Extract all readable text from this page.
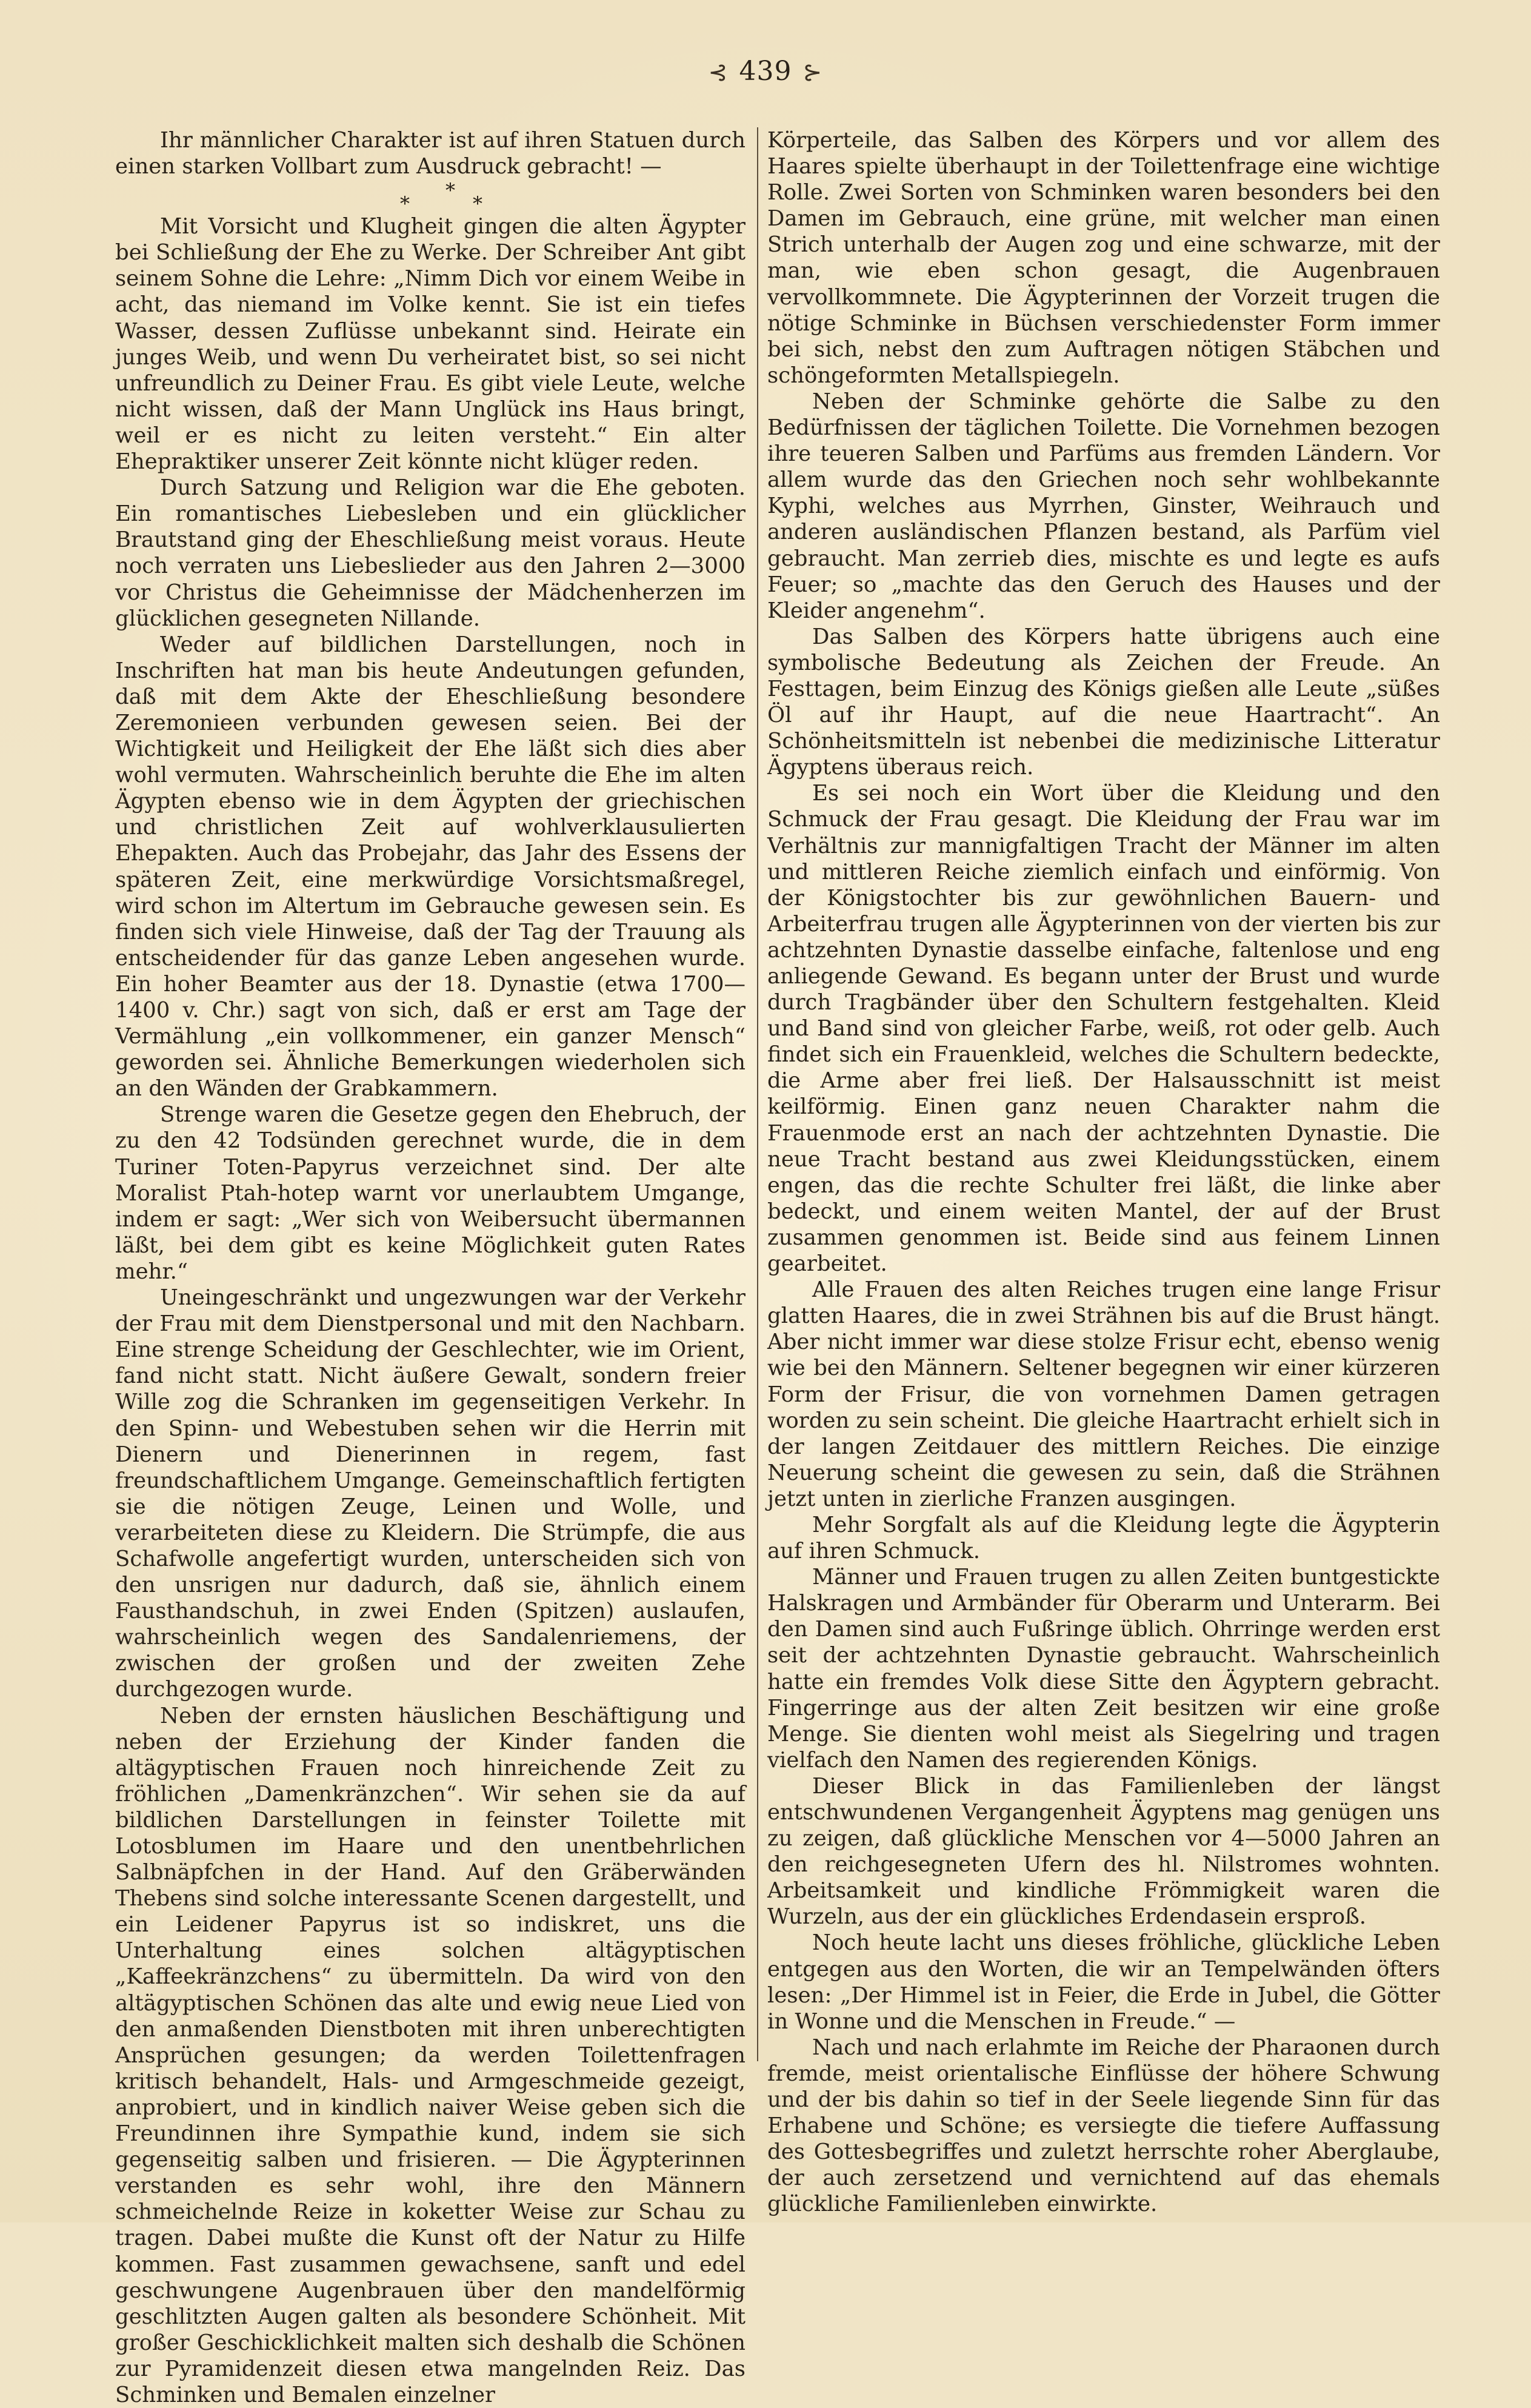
⊰ 439 ⊱

Ihr männlicher Charakter ist auf ihren Statuen durch einen starken Vollbart zum Ausdruck gebracht! —

*
*
*

Mit Vorsicht und Klugheit gingen die alten Ägypter bei Schließung der Ehe zu Werke. Der Schreiber Ant gibt seinem Sohne die Lehre: „Nimm Dich vor einem Weibe in acht, das niemand im Volke kennt. Sie ist ein tiefes Wasser, dessen Zuflüsse unbekannt sind. Heirate ein junges Weib, und wenn Du verheiratet bist, so sei nicht unfreundlich zu Deiner Frau. Es gibt viele Leute, welche nicht wissen, daß der Mann Unglück ins Haus bringt, weil er es nicht zu leiten versteht.“ Ein alter Ehepraktiker unserer Zeit könnte nicht klüger reden.

Durch Satzung und Religion war die Ehe geboten. Ein romantisches Liebesleben und ein glücklicher Brautstand ging der Eheschließung meist voraus. Heute noch verraten uns Liebeslieder aus den Jahren 2—3000 vor Christus die Geheimnisse der Mädchenherzen im glücklichen gesegneten Nillande.

Weder auf bildlichen Darstellungen, noch in Inschriften hat man bis heute Andeutungen gefunden, daß mit dem Akte der Eheschließung besondere Zeremonieen verbunden gewesen seien. Bei der Wichtigkeit und Heiligkeit der Ehe läßt sich dies aber wohl vermuten. Wahrscheinlich beruhte die Ehe im alten Ägypten ebenso wie in dem Ägypten der griechischen und christlichen Zeit auf wohlverklausulierten Ehepakten. Auch das Probejahr, das Jahr des Essens der späteren Zeit, eine merkwürdige Vorsichtsmaßregel, wird schon im Altertum im Gebrauche gewesen sein. Es finden sich viele Hinweise, daß der Tag der Trauung als entscheidender für das ganze Leben angesehen wurde. Ein hoher Beamter aus der 18. Dynastie (etwa 1700—1400 v. Chr.) sagt von sich, daß er erst am Tage der Vermählung „ein vollkommener, ein ganzer Mensch“ geworden sei. Ähnliche Bemerkungen wiederholen sich an den Wänden der Grabkammern.

Strenge waren die Gesetze gegen den Ehebruch, der zu den 42 Todsünden gerechnet wurde, die in dem Turiner Toten-Papyrus verzeichnet sind. Der alte Moralist Ptah-hotep warnt vor unerlaubtem Umgange, indem er sagt: „Wer sich von Weibersucht übermannen läßt, bei dem gibt es keine Möglichkeit guten Rates mehr.“

Uneingeschränkt und ungezwungen war der Verkehr der Frau mit dem Dienstpersonal und mit den Nachbarn. Eine strenge Scheidung der Geschlechter, wie im Orient, fand nicht statt. Nicht äußere Gewalt, sondern freier Wille zog die Schranken im gegenseitigen Verkehr. In den Spinn- und Webestuben sehen wir die Herrin mit Dienern und Dienerinnen in regem, fast freundschaftlichem Umgange. Gemeinschaftlich fertigten sie die nötigen Zeuge, Leinen und Wolle, und verarbeiteten diese zu Kleidern. Die Strümpfe, die aus Schafwolle angefertigt wurden, unterscheiden sich von den unsrigen nur dadurch, daß sie, ähnlich einem Fausthandschuh, in zwei Enden (Spitzen) auslaufen, wahrscheinlich wegen des Sandalenriemens, der zwischen der großen und der zweiten Zehe durchgezogen wurde.

Neben der ernsten häuslichen Beschäftigung und neben der Erziehung der Kinder fanden die altägyptischen Frauen noch hinreichende Zeit zu fröhlichen „Damenkränzchen“. Wir sehen sie da auf bildlichen Darstellungen in feinster Toilette mit Lotosblumen im Haare und den unentbehrlichen Salbnäpfchen in der Hand. Auf den Gräberwänden Thebens sind solche interessante Scenen dargestellt, und ein Leidener Papyrus ist so indiskret, uns die Unterhaltung eines solchen altägyptischen „Kaffeekränzchens“ zu übermitteln. Da wird von den altägyptischen Schönen das alte und ewig neue Lied von den anmaßenden Dienstboten mit ihren unberechtigten Ansprüchen gesungen; da werden Toilettenfragen kritisch behandelt, Hals- und Armgeschmeide gezeigt, anprobiert, und in kindlich naiver Weise geben sich die Freundinnen ihre Sympathie kund, indem sie sich gegenseitig salben und frisieren. — Die Ägypterinnen verstanden es sehr wohl, ihre den Männern schmeichelnde Reize in koketter Weise zur Schau zu tragen. Dabei mußte die Kunst oft der Natur zu Hilfe kommen. Fast zusammen gewachsene, sanft und edel geschwungene Augenbrauen über den mandelförmig geschlitzten Augen galten als besondere Schönheit. Mit großer Geschicklichkeit malten sich deshalb die Schönen zur Pyramidenzeit diesen etwa mangelnden Reiz. Das Schminken und Bemalen einzelner

Körperteile, das Salben des Körpers und vor allem des Haares spielte überhaupt in der Toilettenfrage eine wichtige Rolle. Zwei Sorten von Schminken waren besonders bei den Damen im Gebrauch, eine grüne, mit welcher man einen Strich unterhalb der Augen zog und eine schwarze, mit der man, wie eben schon gesagt, die Augenbrauen vervollkommnete. Die Ägypterinnen der Vorzeit trugen die nötige Schminke in Büchsen verschiedenster Form immer bei sich, nebst den zum Auftragen nötigen Stäbchen und schöngeformten Metallspiegeln.

Neben der Schminke gehörte die Salbe zu den Bedürfnissen der täglichen Toilette. Die Vornehmen bezogen ihre teueren Salben und Parfüms aus fremden Ländern. Vor allem wurde das den Griechen noch sehr wohlbekannte Kyphi, welches aus Myrrhen, Ginster, Weihrauch und anderen ausländischen Pflanzen bestand, als Parfüm viel gebraucht. Man zerrieb dies, mischte es und legte es aufs Feuer; so „machte das den Geruch des Hauses und der Kleider angenehm“.

Das Salben des Körpers hatte übrigens auch eine symbolische Bedeutung als Zeichen der Freude. An Festtagen, beim Einzug des Königs gießen alle Leute „süßes Öl auf ihr Haupt, auf die neue Haartracht“. An Schönheitsmitteln ist nebenbei die medizinische Litteratur Ägyptens überaus reich.

Es sei noch ein Wort über die Kleidung und den Schmuck der Frau gesagt. Die Kleidung der Frau war im Verhältnis zur mannigfaltigen Tracht der Männer im alten und mittleren Reiche ziemlich einfach und einförmig. Von der Königstochter bis zur gewöhnlichen Bauern- und Arbeiterfrau trugen alle Ägypterinnen von der vierten bis zur achtzehnten Dynastie dasselbe einfache, faltenlose und eng anliegende Gewand. Es begann unter der Brust und wurde durch Tragbänder über den Schultern festgehalten. Kleid und Band sind von gleicher Farbe, weiß, rot oder gelb. Auch findet sich ein Frauenkleid, welches die Schultern bedeckte, die Arme aber frei ließ. Der Halsausschnitt ist meist keilförmig. Einen ganz neuen Charakter nahm die Frauenmode erst an nach der achtzehnten Dynastie. Die neue Tracht bestand aus zwei Kleidungsstücken, einem engen, das die rechte Schulter frei läßt, die linke aber bedeckt, und einem weiten Mantel, der auf der Brust zusammen genommen ist. Beide sind aus feinem Linnen gearbeitet.

Alle Frauen des alten Reiches trugen eine lange Frisur glatten Haares, die in zwei Strähnen bis auf die Brust hängt. Aber nicht immer war diese stolze Frisur echt, ebenso wenig wie bei den Männern. Seltener begegnen wir einer kürzeren Form der Frisur, die von vornehmen Damen getragen worden zu sein scheint. Die gleiche Haartracht erhielt sich in der langen Zeitdauer des mittlern Reiches. Die einzige Neuerung scheint die gewesen zu sein, daß die Strähnen jetzt unten in zierliche Franzen ausgingen.

Mehr Sorgfalt als auf die Kleidung legte die Ägypterin auf ihren Schmuck.

Männer und Frauen trugen zu allen Zeiten buntgestickte Halskragen und Armbänder für Oberarm und Unterarm. Bei den Damen sind auch Fußringe üblich. Ohrringe werden erst seit der achtzehnten Dynastie gebraucht. Wahrscheinlich hatte ein fremdes Volk diese Sitte den Ägyptern gebracht. Fingerringe aus der alten Zeit besitzen wir eine große Menge. Sie dienten wohl meist als Siegelring und tragen vielfach den Namen des regierenden Königs.

Dieser Blick in das Familienleben der längst entschwundenen Vergangenheit Ägyptens mag genügen uns zu zeigen, daß glückliche Menschen vor 4—5000 Jahren an den reichgesegneten Ufern des hl. Nilstromes wohnten. Arbeitsamkeit und kindliche Frömmigkeit waren die Wurzeln, aus der ein glückliches Erdendasein ersproß.

Noch heute lacht uns dieses fröhliche, glückliche Leben entgegen aus den Worten, die wir an Tempelwänden öfters lesen: „Der Himmel ist in Feier, die Erde in Jubel, die Götter in Wonne und die Menschen in Freude.“ —

Nach und nach erlahmte im Reiche der Pharaonen durch fremde, meist orientalische Einflüsse der höhere Schwung und der bis dahin so tief in der Seele liegende Sinn für das Erhabene und Schöne; es versiegte die tiefere Auffassung des Gottesbegriffes und zuletzt herrschte roher Aberglaube, der auch zersetzend und vernichtend auf das ehemals glückliche Familienleben einwirkte.
